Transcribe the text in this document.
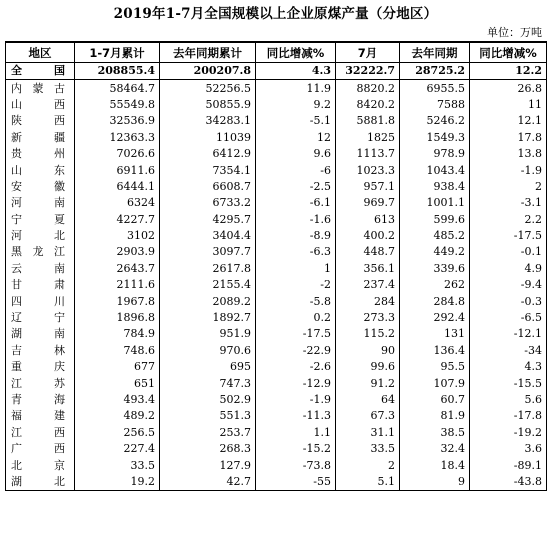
2019年1-7月全国规模以上企业原煤产量（分地区）
单位：万吨
地区	1-7月累计	去年同期累计	同比增减%	7月	去年同期	同比增减%
全　国	208855.4	200207.8	4.3	32222.7	28725.2	12.2
内蒙古	58464.7	52256.5	11.9	8820.2	6955.5	26.8
山　西	55549.8	50855.9	9.2	8420.2	7588	11
陕　西	32536.9	34283.1	-5.1	5881.8	5246.2	12.1
新　疆	12363.3	11039	12	1825	1549.3	17.8
贵　州	7026.6	6412.9	9.6	1113.7	978.9	13.8
山　东	6911.6	7354.1	-6	1023.3	1043.4	-1.9
安　徽	6444.1	6608.7	-2.5	957.1	938.4	2
河　南	6324	6733.2	-6.1	969.7	1001.1	-3.1
宁　夏	4227.7	4295.7	-1.6	613	599.6	2.2
河　北	3102	3404.4	-8.9	400.2	485.2	-17.5
黑龙江	2903.9	3097.7	-6.3	448.7	449.2	-0.1
云　南	2643.7	2617.8	1	356.1	339.6	4.9
甘　肃	2111.6	2155.4	-2	237.4	262	-9.4
四　川	1967.8	2089.2	-5.8	284	284.8	-0.3
辽　宁	1896.8	1892.7	0.2	273.3	292.4	-6.5
湖　南	784.9	951.9	-17.5	115.2	131	-12.1
吉　林	748.6	970.6	-22.9	90	136.4	-34
重　庆	677	695	-2.6	99.6	95.5	4.3
江　苏	651	747.3	-12.9	91.2	107.9	-15.5
青　海	493.4	502.9	-1.9	64	60.7	5.6
福　建	489.2	551.3	-11.3	67.3	81.9	-17.8
江　西	256.5	253.7	1.1	31.1	38.5	-19.2
广　西	227.4	268.3	-15.2	33.5	32.4	3.6
北　京	33.5	127.9	-73.8	2	18.4	-89.1
湖　北	19.2	42.7	-55	5.1	9	-43.8
